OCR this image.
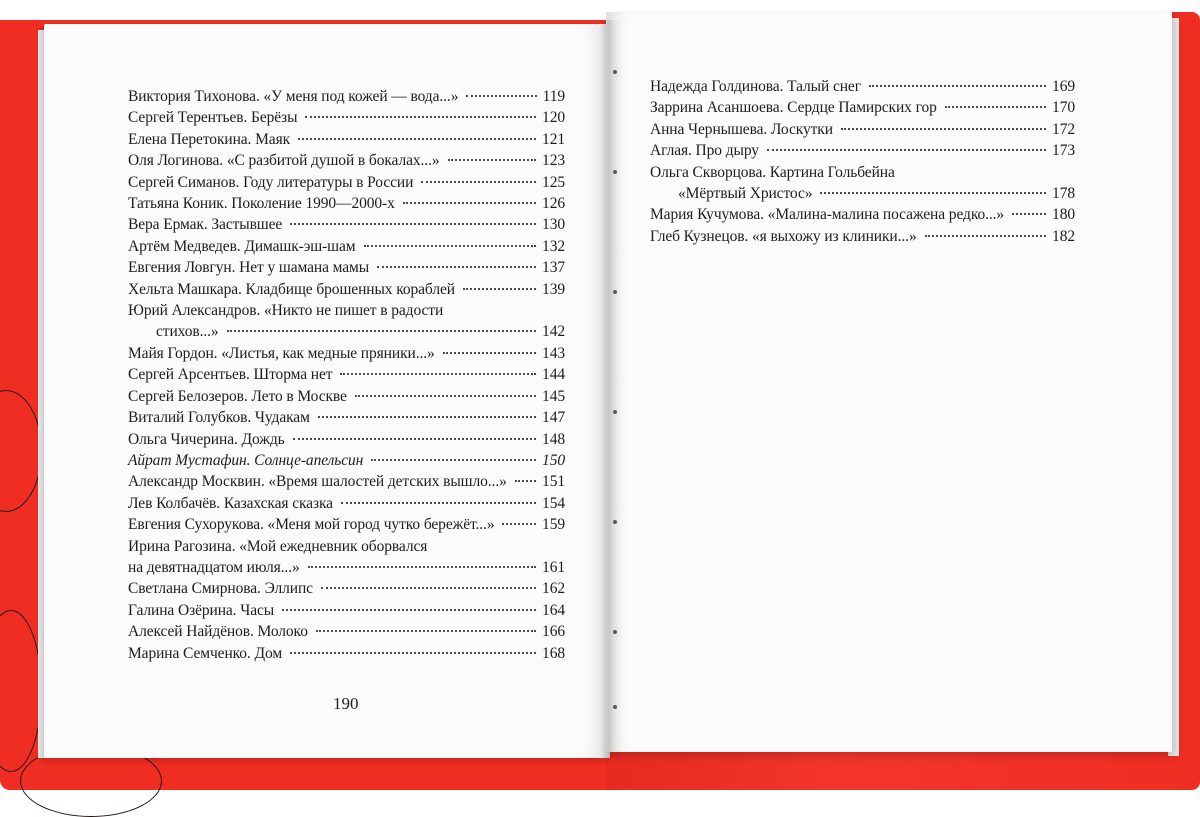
Виктория Тихонова. «У меня под кожей — вода...»	119
Сергей Терентьев. Берёзы	120
Елена Перетокина. Маяк	121
Оля Логинова. «С разбитой душой в бокалах...»	123
Сергей Симанов. Году литературы в России	125
Татьяна Коник. Поколение 1990—2000-х	126
Вера Ермак. Застывшее	130
Артём Медведев. Димашк-эш-шам	132
Евгения Ловгун. Нет у шамана мамы	137
Хельта Машкара. Кладбище брошенных кораблей	139
Юрий Александров. «Никто не пишет в радости
стихов...»	142
Майя Гордон. «Листья, как медные пряники...»	143
Сергей Арсентьев. Шторма нет	144
Сергей Белозеров. Лето в Москве	145
Виталий Голубков. Чудакам	147
Ольга Чичерина. Дождь	148
Айрат Мустафин. Солнце-апельсин	150
Александр Москвин. «Время шалостей детских вышло...» 151
Лев Колбачёв. Казахская сказка	154
Евгения Сухорукова. «Меня мой город чутко бережёт...»	159
Ирина Рагозина. «Мой ежедневник оборвался
на девятнадцатом июля...»	161
Светлана Смирнова. Эллипс	162
Галина Озёрина. Часы	164
Алексей Найдёнов. Молоко	166
Марина Семченко. Дом	168
Надежда Голдинова. Талый снег	169
Заррина Асаншоева. Сердце Памирских гор	170
Анна Чернышева. Лоскутки	172
Аглая. Про дыру	173
Ольга Скворцова. Картина Гольбейна
«Мёртвый Христос»	178
Мария Кучумова. «Малина-малина посажена редко...»	180
Глеб Кузнецов. «я выхожу из клиники...»	182
190
